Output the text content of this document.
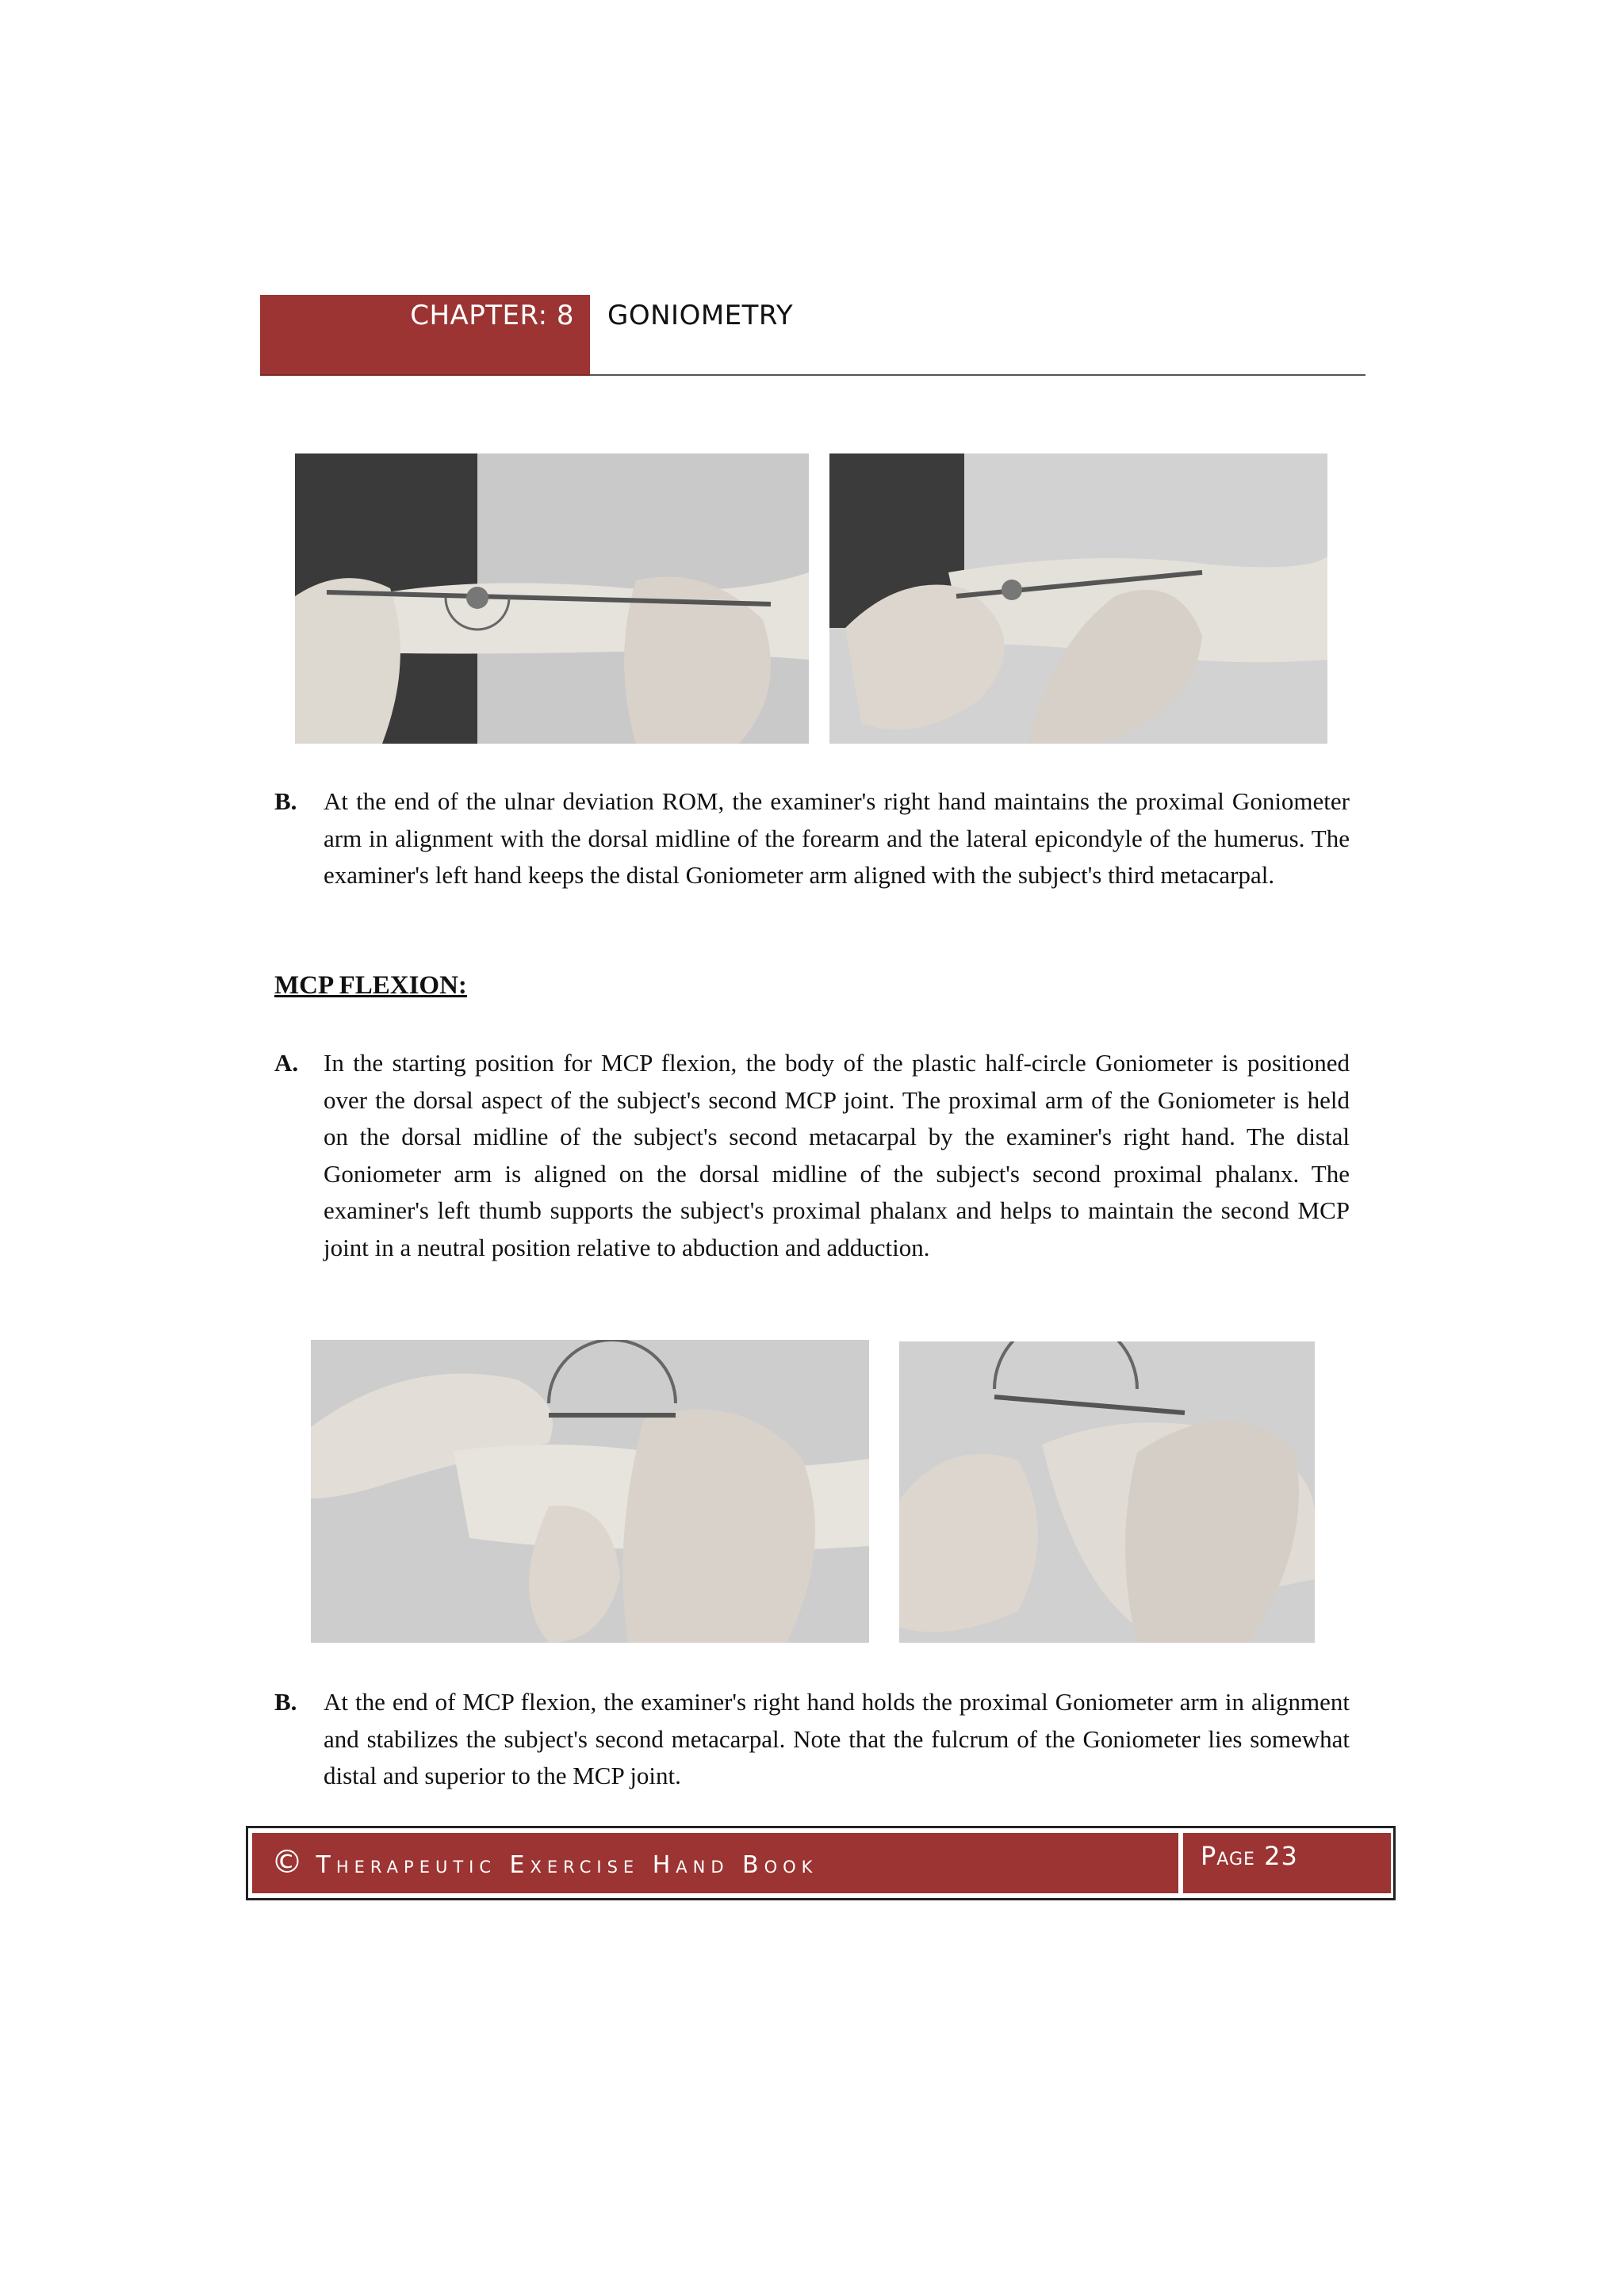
CHAPTER: 8 GONIOMETRY
B. At the end of the ulnar deviation ROM, the examiner's right hand maintains the proximal Goniometer arm in alignment with the dorsal midline of the forearm and the lateral epicondyle of the humerus. The examiner's left hand keeps the distal Goniometer arm aligned with the subject's third metacarpal.
MCP FLEXION:
A. In the starting position for MCP flexion, the body of the plastic half-circle Goniometer is positioned over the dorsal aspect of the subject's second MCP joint. The proximal arm of the Goniometer is held on the dorsal midline of the subject's second metacarpal by the examiner's right hand. The distal Goniometer arm is aligned on the dorsal midline of the subject's second proximal phalanx. The examiner's left thumb supports the subject's proximal phalanx and helps to maintain the second MCP joint in a neutral position relative to abduction and adduction.
B. At the end of MCP flexion, the examiner's right hand holds the proximal Goniometer arm in alignment and stabilizes the subject's second metacarpal. Note that the fulcrum of the Goniometer lies somewhat distal and superior to the MCP joint.
© Therapeutic Exercise Hand Book	Page 23
